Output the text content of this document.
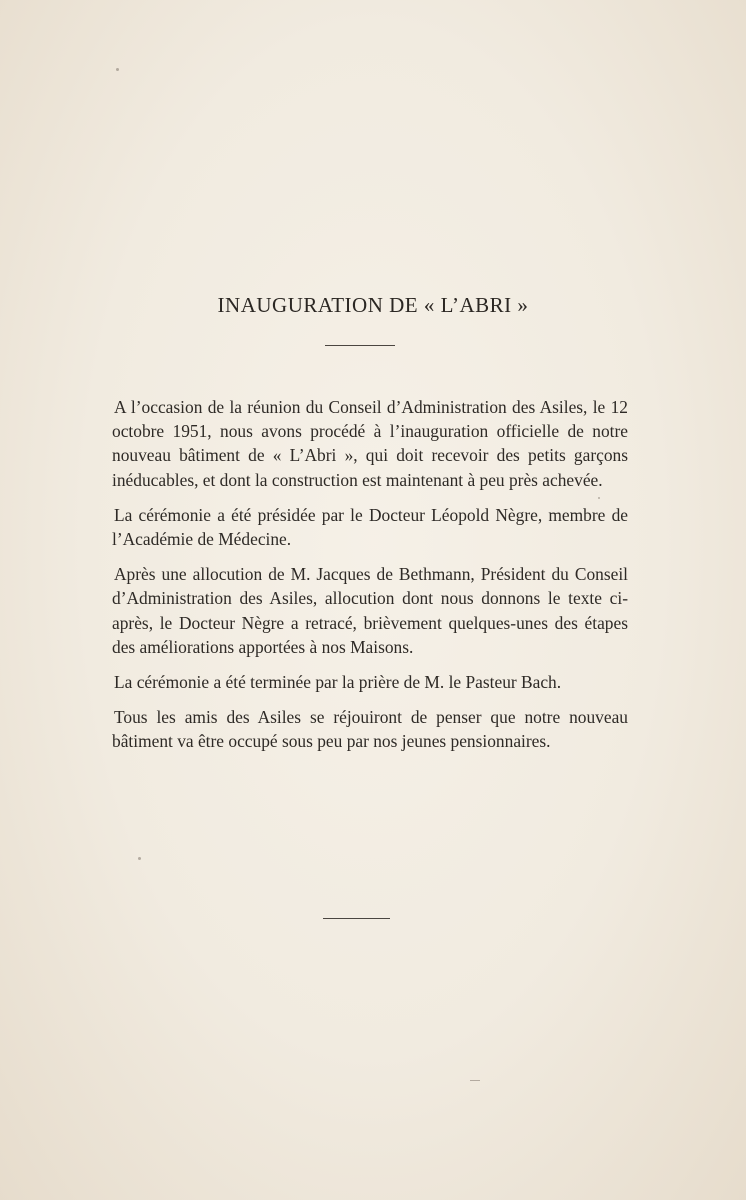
INAUGURATION DE « L’ABRI »

A l’occasion de la réunion du Conseil d’Administration des Asiles, le 12 octobre 1951, nous avons procédé à l’inauguration officielle de notre nouveau bâtiment de « L’Abri », qui doit recevoir des petits garçons inéducables, et dont la construction est maintenant à peu près achevée.

La cérémonie a été présidée par le Docteur Léopold Nègre, membre de l’Académie de Médecine.

Après une allocution de M. Jacques de Bethmann, Président du Conseil d’Administration des Asiles, allocution dont nous donnons le texte ci-après, le Docteur Nègre a retracé, brièvement quelques-unes des étapes des améliorations apportées à nos Maisons.

La cérémonie a été terminée par la prière de M. le Pasteur Bach.

Tous les amis des Asiles se réjouiront de penser que notre nouveau bâtiment va être occupé sous peu par nos jeunes pensionnaires.
